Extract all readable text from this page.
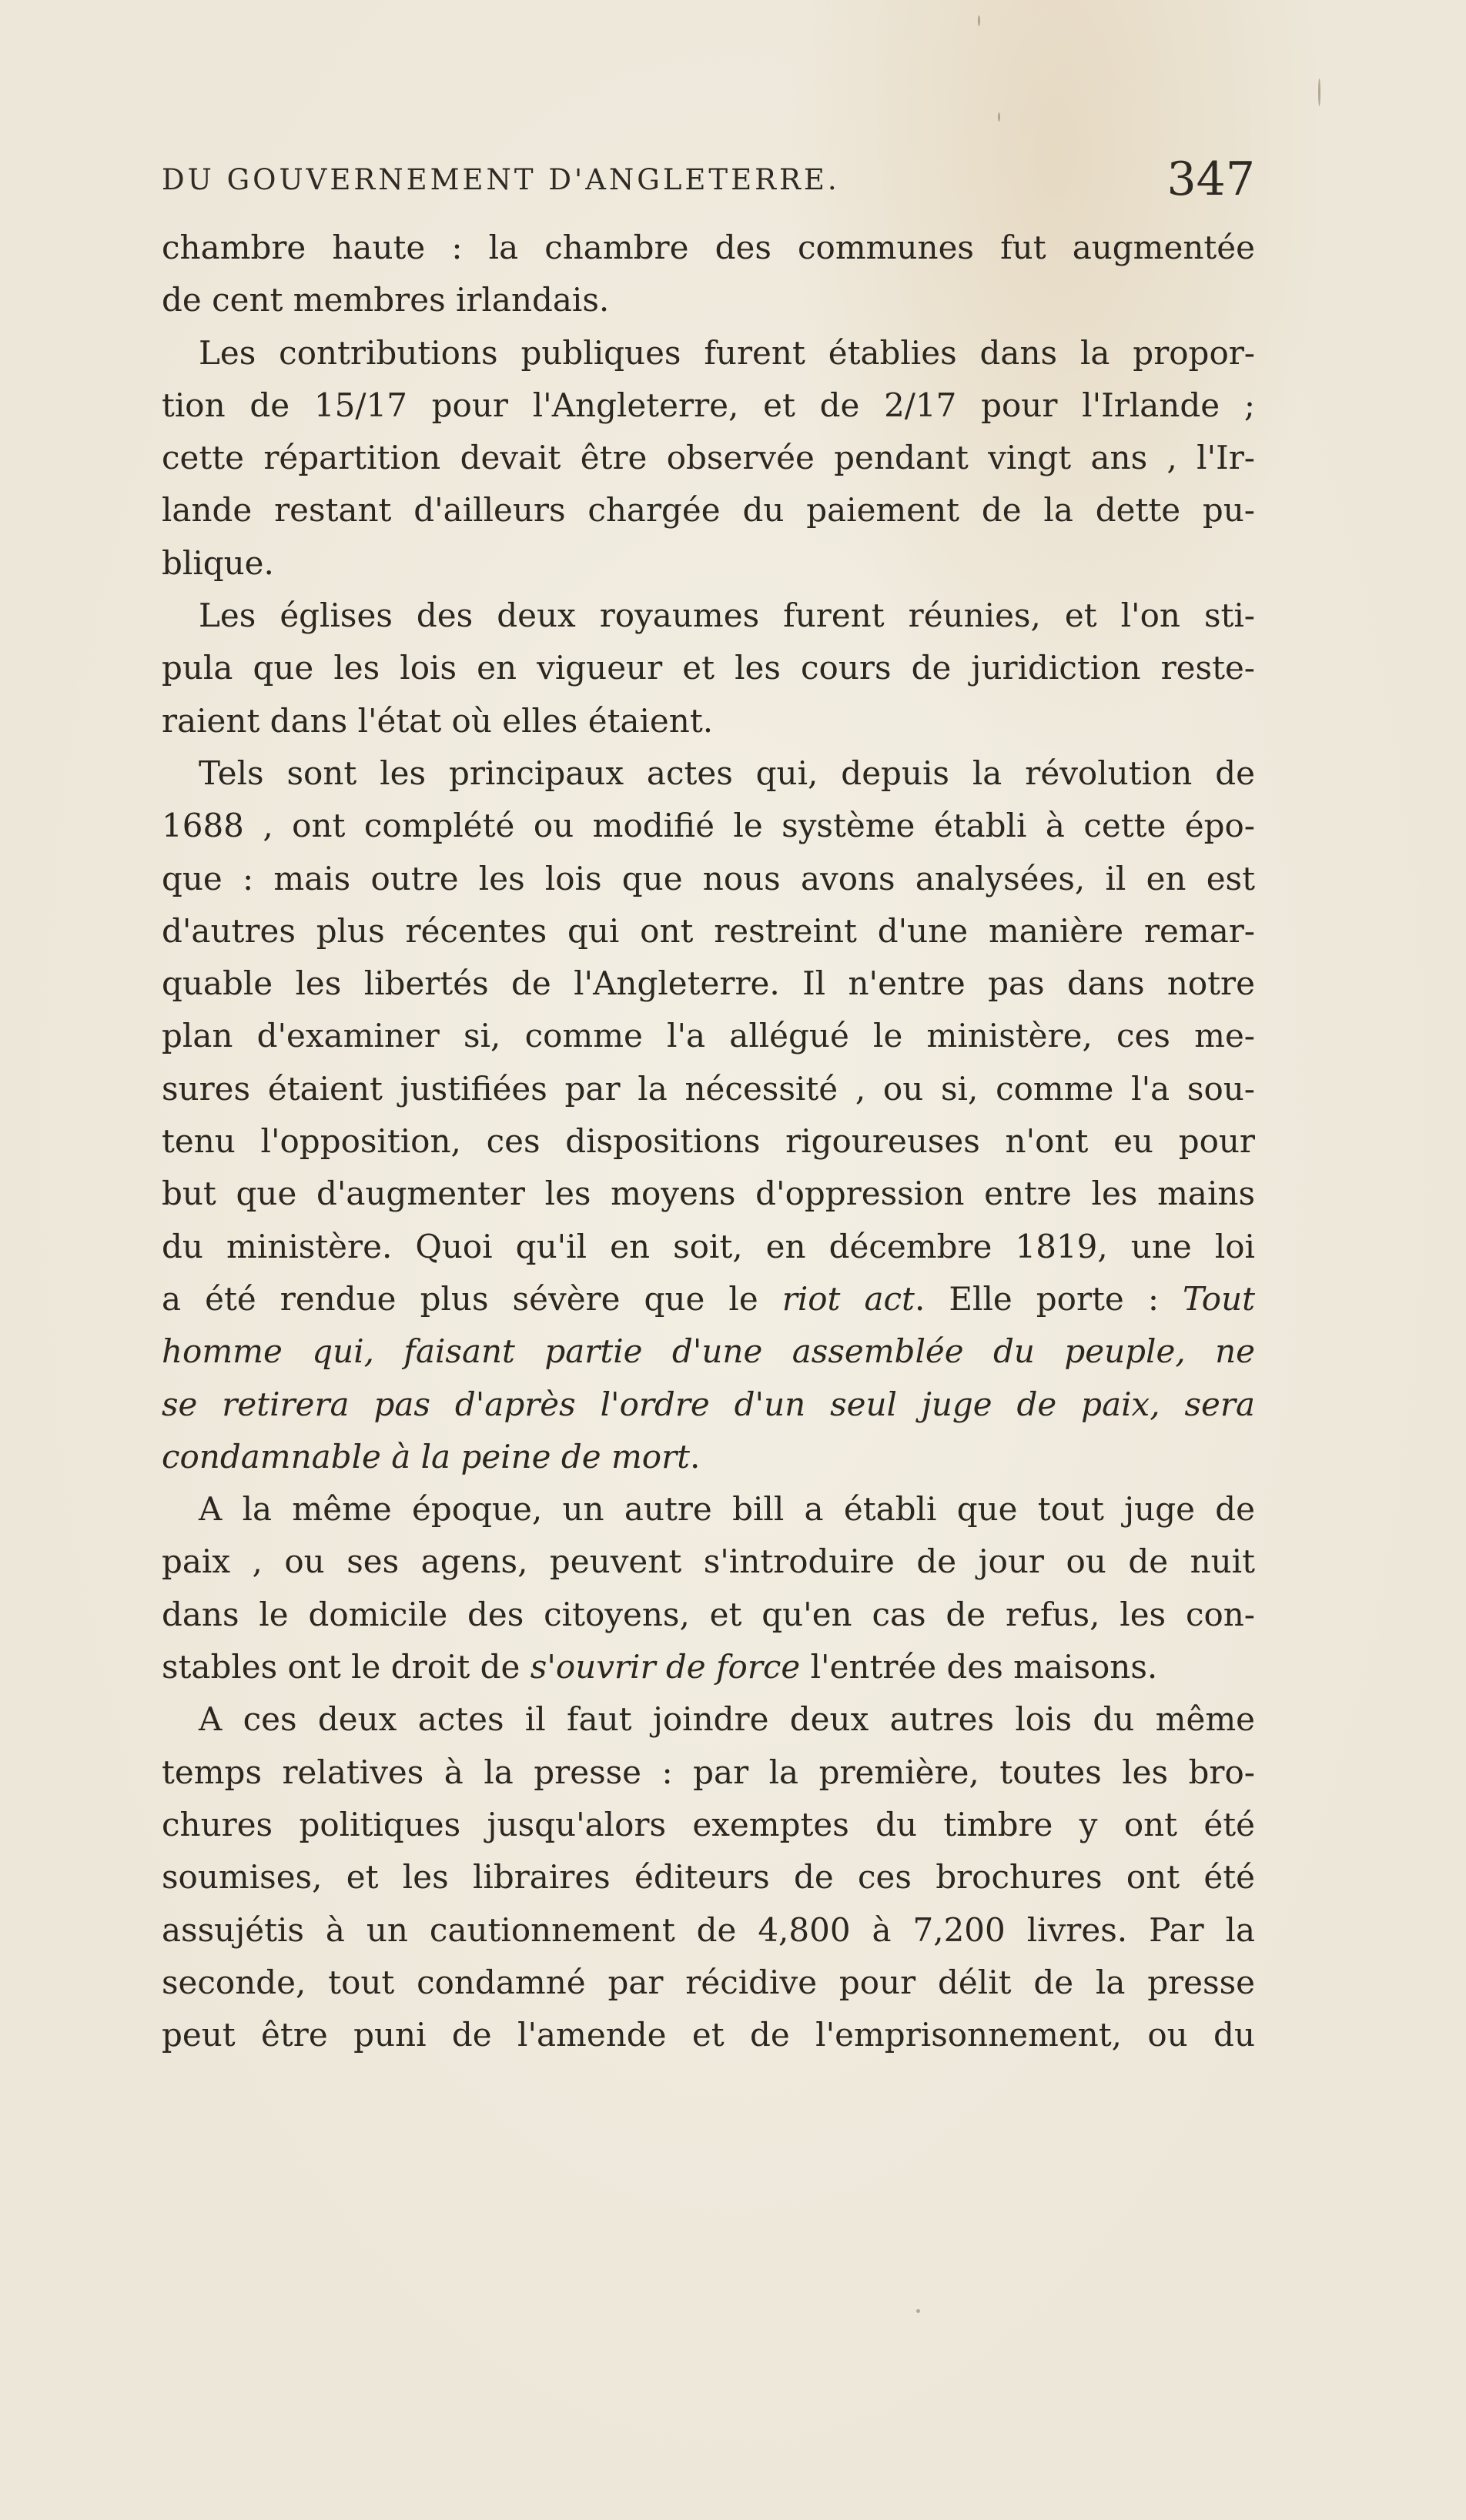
DU GOUVERNEMENT D'ANGLETERRE.	347
chambre haute : la chambre des communes fut augmentée
de cent membres irlandais.
Les contributions publiques furent établies dans la propor-
tion de 15/17 pour l'Angleterre, et de 2/17 pour l'Irlande ;
cette répartition devait être observée pendant vingt ans , l'Ir-
lande restant d'ailleurs chargée du paiement de la dette pu-
blique.
Les églises des deux royaumes furent réunies, et l'on sti-
pula que les lois en vigueur et les cours de juridiction reste-
raient dans l'état où elles étaient.
Tels sont les principaux actes qui, depuis la révolution de
1688 , ont complété ou modifié le système établi à cette épo-
que : mais outre les lois que nous avons analysées, il en est
d'autres plus récentes qui ont restreint d'une manière remar-
quable les libertés de l'Angleterre. Il n'entre pas dans notre
plan d'examiner si, comme l'a allégué le ministère, ces me-
sures étaient justifiées par la nécessité , ou si, comme l'a sou-
tenu l'opposition, ces dispositions rigoureuses n'ont eu pour
but que d'augmenter les moyens d'oppression entre les mains
du ministère. Quoi qu'il en soit, en décembre 1819, une loi
a été rendue plus sévère que le riot act. Elle porte : Tout
homme qui, faisant partie d'une assemblée du peuple, ne
se retirera pas d'après l'ordre d'un seul juge de paix, sera
condamnable à la peine de mort.
A la même époque, un autre bill a établi que tout juge de
paix , ou ses agens, peuvent s'introduire de jour ou de nuit
dans le domicile des citoyens, et qu'en cas de refus, les con-
stables ont le droit de s'ouvrir de force l'entrée des maisons.
A ces deux actes il faut joindre deux autres lois du même
temps relatives à la presse : par la première, toutes les bro-
chures politiques jusqu'alors exemptes du timbre y ont été
soumises, et les libraires éditeurs de ces brochures ont été
assujétis à un cautionnement de 4,800 à 7,200 livres. Par la
seconde, tout condamné par récidive pour délit de la presse
peut être puni de l'amende et de l'emprisonnement, ou du
